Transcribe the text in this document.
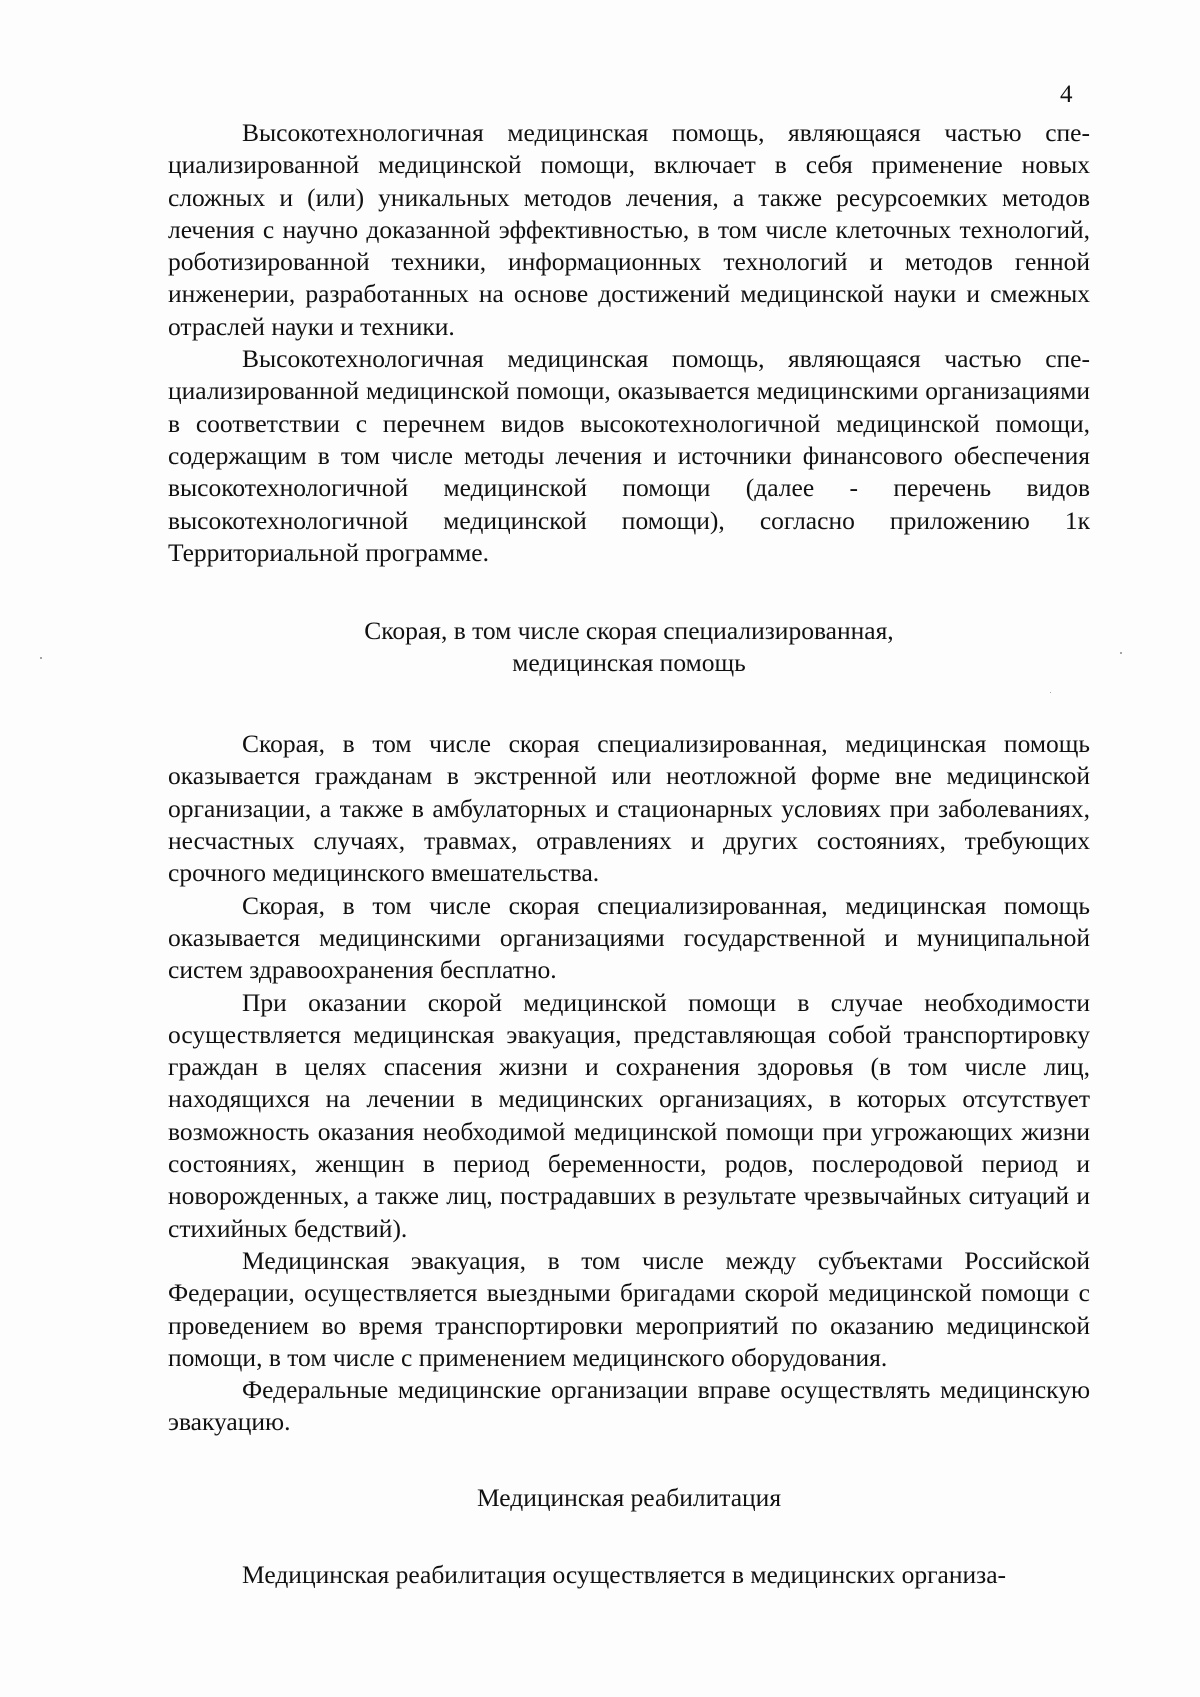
4

Высокотехнологичная медицинская помощь, являющаяся частью специализированной медицинской помощи, включает в себя применение новых сложных и (или) уникальных методов лечения, а также ресурсоемких методов лечения с научно доказанной эффективностью, в том числе клеточных технологий, роботизированной техники, информационных технологий и методов генной инженерии, разработанных на основе достижений медицинской науки и смежных отраслей науки и техники.

Высокотехнологичная медицинская помощь, являющаяся частью специализированной медицинской помощи, оказывается медицинскими организациями в соответствии с перечнем видов высокотехнологичной медицинской помощи, содержащим в том числе методы лечения и источники финансового обеспечения высокотехнологичной медицинской помощи (далее - перечень видов высокотехнологичной медицинской помощи), согласно приложению 1к Территориальной программе.

Скорая, в том числе скорая специализированная,
медицинская помощь

Скорая, в том числе скорая специализированная, медицинская помощь оказывается гражданам в экстренной или неотложной форме вне медицинской организации, а также в амбулаторных и стационарных условиях при заболеваниях, несчастных случаях, травмах, отравлениях и других состояниях, требующих срочного медицинского вмешательства.

Скорая, в том числе скорая специализированная, медицинская помощь оказывается медицинскими организациями государственной и муниципальной систем здравоохранения бесплатно.

При оказании скорой медицинской помощи в случае необходимости осуществляется медицинская эвакуация, представляющая собой транспортировку граждан в целях спасения жизни и сохранения здоровья (в том числе лиц, находящихся на лечении в медицинских организациях, в которых отсутствует возможность оказания необходимой медицинской помощи при угрожающих жизни состояниях, женщин в период беременности, родов, послеродовой период и новорожденных, а также лиц, пострадавших в результате чрезвычайных ситуаций и стихийных бедствий).

Медицинская эвакуация, в том числе между субъектами Российской Федерации, осуществляется выездными бригадами скорой медицинской помощи с проведением во время транспортировки мероприятий по оказанию медицинской помощи, в том числе с применением медицинского оборудования.

Федеральные медицинские организации вправе осуществлять медицинскую эвакуацию.

Медицинская реабилитация

Медицинская реабилитация осуществляется в медицинских организа-
